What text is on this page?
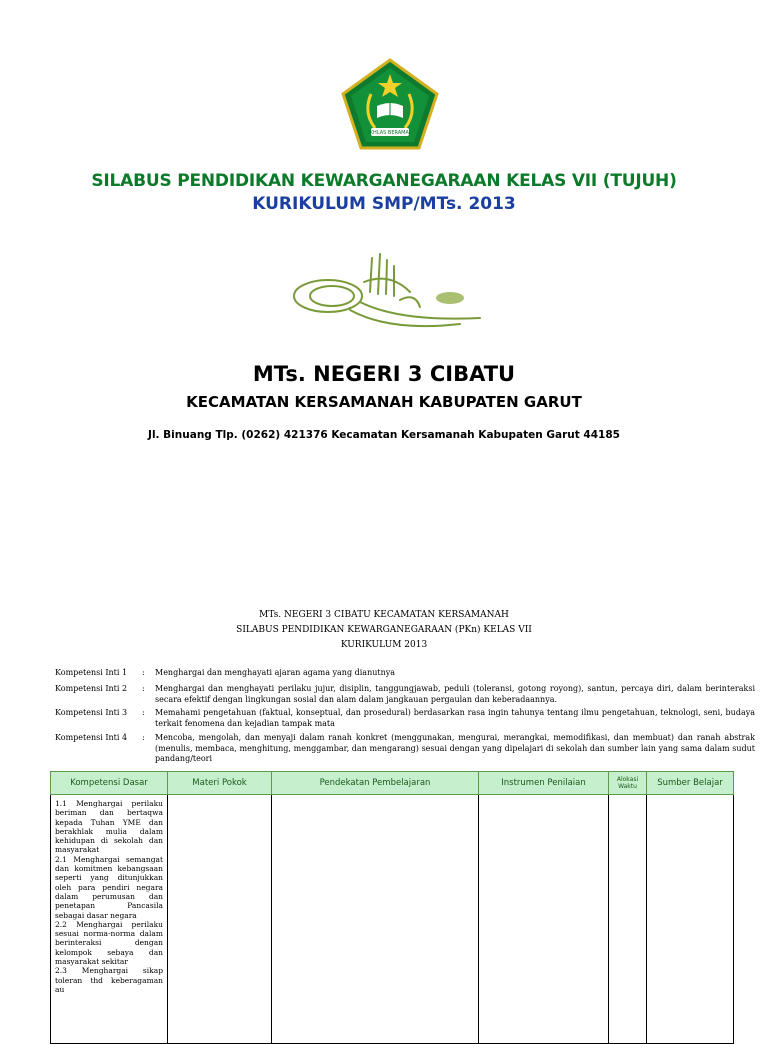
IKHLAS BERAMAL
SILABUS PENDIDIKAN KEWARGANEGARAAN KELAS VII (TUJUH)
KURIKULUM SMP/MTs. 2013
MTs. NEGERI 3 CIBATU
KECAMATAN KERSAMANAH KABUPATEN GARUT
Jl. Binuang Tlp. (0262) 421376 Kecamatan Kersamanah Kabupaten Garut 44185
MTs. NEGERI 3 CIBATU KECAMATAN KERSAMANAH
SILABUS PENDIDIKAN KEWARGANEGARAAN (PKn) KELAS VII
KURIKULUM 2013
Kompetensi Inti 1	:	Menghargai dan menghayati ajaran agama yang dianutnya
Kompetensi Inti 2	:	Menghargai dan menghayati perilaku jujur, disiplin, tanggungjawab, peduli (toleransi, gotong royong), santun, percaya diri, dalam berinteraksi secara efektif dengan lingkungan sosial dan alam dalam jangkauan pergaulan dan keberadaannya.
Kompetensi Inti 3	:	Memahami pengetahuan (faktual, konseptual, dan prosedural) berdasarkan rasa ingin tahunya tentang ilmu pengetahuan, teknologi, seni, budaya terkait fenomena dan kejadian tampak mata
Kompetensi Inti 4	:	Mencoba, mengolah, dan menyaji dalam ranah konkret (menggunakan, mengurai, merangkai, memodifikasi, dan membuat) dan ranah abstrak (menulis, membaca, menghitung, menggambar, dan mengarang) sesuai dengan yang dipelajari di sekolah dan sumber lain yang sama dalam sudut pandang/teori
Kompetensi Dasar	Materi Pokok	Pendekatan Pembelajaran	Instrumen Penilaian	Alokasi Waktu	Sumber Belajar

1.1 Menghargai perilaku beriman dan bertaqwa kepada Tuhan YME dan berakhlak mulia dalam kehidupan di sekolah dan masyarakat
2.1 Menghargai semangat dan komitmen kebangsaan seperti yang ditunjukkan oleh para pendiri negara dalam perumusan dan penetapan Pancasila sebagai dasar negara
2.2 Menghargai perilaku sesuai norma-norma dalam berinteraksi dengan kelompok sebaya dan masyarakat sekitar
2.3 Menghargai sikap toleran thd keberagaman au					
